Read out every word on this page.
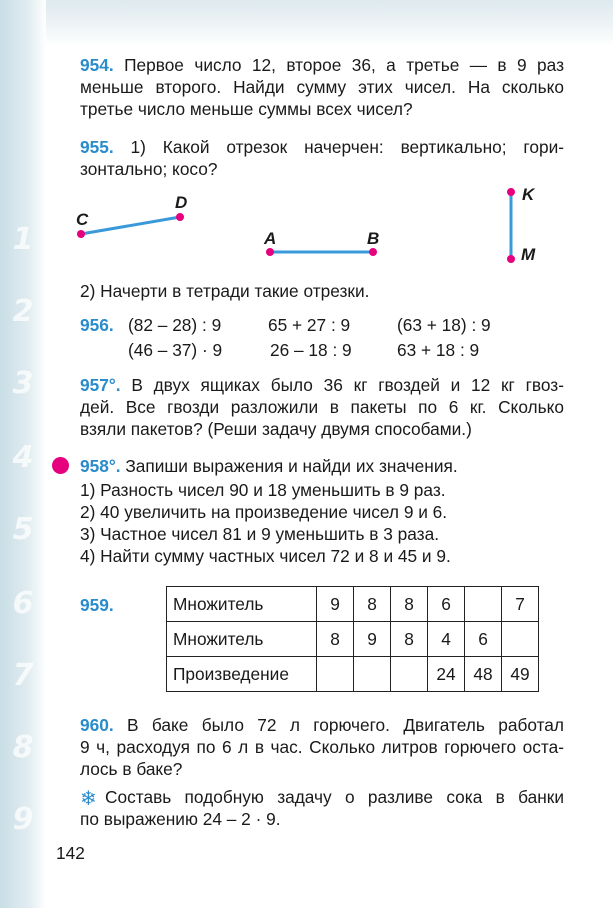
1
2
3
4
5
6
7
8
9
954. Первое число 12, второе 36, а третье — в 9 раз
меньше второго. Найди сумму этих чисел. На сколько
третье число меньше суммы всех чисел?
955. 1) Какой отрезок начерчен: вертикально; гори-
зонтально; косо?
C
D
A	B
K
M
2) Начерти в тетради такие отрезки.
956. (82 – 28) : 9	65 + 27 : 9	(63 + 18) : 9
(46 – 37) · 9	26 – 18 : 9	63 + 18 : 9
957°. В двух ящиках было 36 кг гвоздей и 12 кг гвоз-
дей. Все гвозди разложили в пакеты по 6 кг. Сколько
взяли пакетов? (Реши задачу двумя способами.)
958°. Запиши выражения и найди их значения.
1) Разность чисел 90 и 18 уменьшить в 9 раз.
2) 40 увеличить на произведение чисел 9 и 6.
3) Частное чисел 81 и 9 уменьшить в 3 раза.
4) Найти сумму частных чисел 72 и 8 и 45 и 9.
959.	Множитель	9	8	8	6		7
Множитель	8	9	8	4	6	
Произведение				24	48	49
960. В баке было 72 л горючего. Двигатель работал
9 ч, расходуя по 6 л в час. Сколько литров горючего оста-
лось в баке?
❄ Составь подобную задачу о разливе сока в банки
по выражению 24 – 2 · 9.
142
